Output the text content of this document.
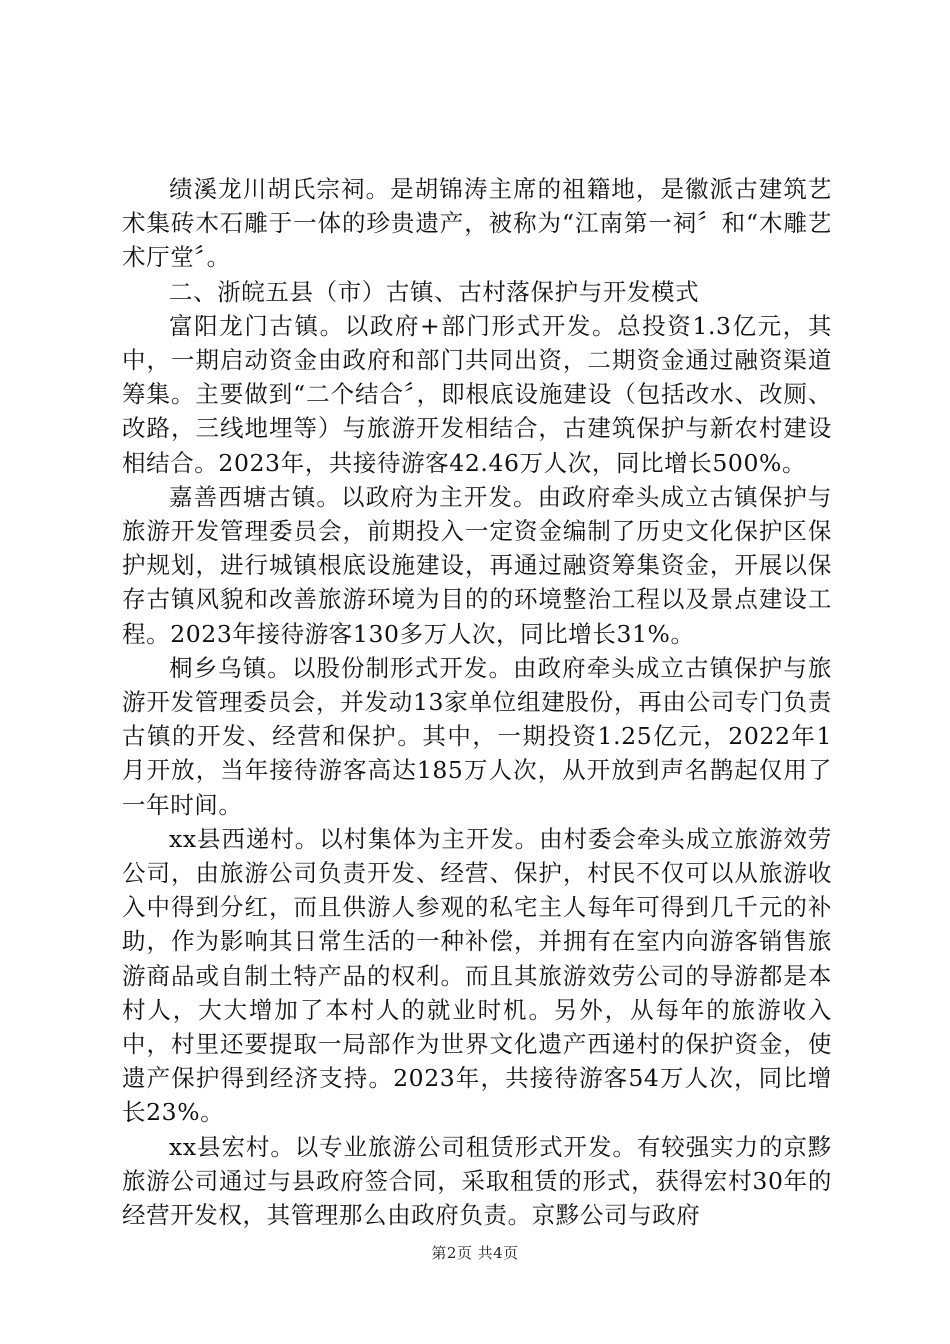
绩溪龙川胡氏宗祠。是胡锦涛主席的祖籍地，是徽派古建筑艺术集砖木石雕于一体的珍贵遗产，被称为“江南第一祠〞和“木雕艺术厅堂〞。

二、浙皖五县（市）古镇、古村落保护与开发模式

富阳龙门古镇。以政府+部门形式开发。总投资1.3亿元，其中，一期启动资金由政府和部门共同出资，二期资金通过融资渠道筹集。主要做到“二个结合〞，即根底设施建设（包括改水、改厕、改路，三线地埋等）与旅游开发相结合，古建筑保护与新农村建设相结合。2023年，共接待游客42.46万人次，同比增长500%。

嘉善西塘古镇。以政府为主开发。由政府牵头成立古镇保护与旅游开发管理委员会，前期投入一定资金编制了历史文化保护区保护规划，进行城镇根底设施建设，再通过融资筹集资金，开展以保存古镇风貌和改善旅游环境为目的的环境整治工程以及景点建设工程。2023年接待游客130多万人次，同比增长31%。

桐乡乌镇。以股份制形式开发。由政府牵头成立古镇保护与旅游开发管理委员会，并发动13家单位组建股份，再由公司专门负责古镇的开发、经营和保护。其中，一期投资1.25亿元，2022年1月开放，当年接待游客高达185万人次，从开放到声名鹊起仅用了一年时间。

xx县西递村。以村集体为主开发。由村委会牵头成立旅游效劳公司，由旅游公司负责开发、经营、保护，村民不仅可以从旅游收入中得到分红，而且供游人参观的私宅主人每年可得到几千元的补助，作为影响其日常生活的一种补偿，并拥有在室内向游客销售旅游商品或自制土特产品的权利。而且其旅游效劳公司的导游都是本村人，大大增加了本村人的就业时机。另外，从每年的旅游收入中，村里还要提取一局部作为世界文化遗产西递村的保护资金，使遗产保护得到经济支持。2023年，共接待游客54万人次，同比增长23%。

xx县宏村。以专业旅游公司租赁形式开发。有较强实力的京黟旅游公司通过与县政府签合同，采取租赁的形式，获得宏村30年的经营开发权，其管理那么由政府负责。京黟公司与政府

第2页 共4页
